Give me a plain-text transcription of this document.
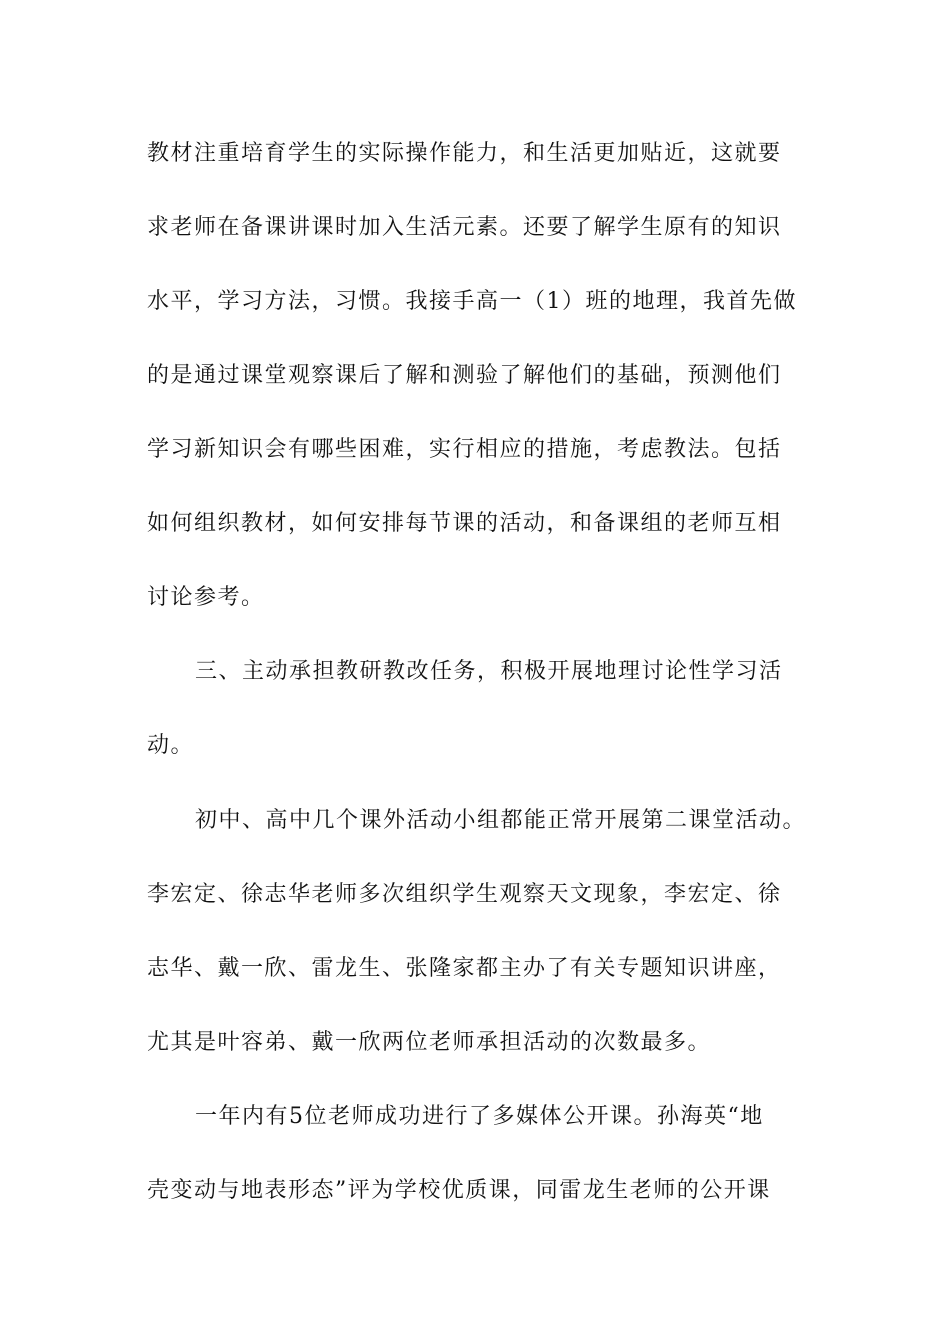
教材注重培育学生的实际操作能力，和生活更加贴近，这就要

求老师在备课讲课时加入生活元素。还要了解学生原有的知识

水平，学习方法，习惯。我接手高一（1）班的地理，我首先做

的是通过课堂观察课后了解和测验了解他们的基础，预测他们

学习新知识会有哪些困难，实行相应的措施，考虑教法。包括

如何组织教材，如何安排每节课的活动，和备课组的老师互相

讨论参考。

三、主动承担教研教改任务，积极开展地理讨论性学习活

动。

初中、高中几个课外活动小组都能正常开展第二课堂活动。

李宏定、徐志华老师多次组织学生观察天文现象，李宏定、徐

志华、戴一欣、雷龙生、张隆家都主办了有关专题知识讲座，

尤其是叶容弟、戴一欣两位老师承担活动的次数最多。

一年内有5位老师成功进行了多媒体公开课。孙海英“地

壳变动与地表形态”评为学校优质课，同雷龙生老师的公开课
